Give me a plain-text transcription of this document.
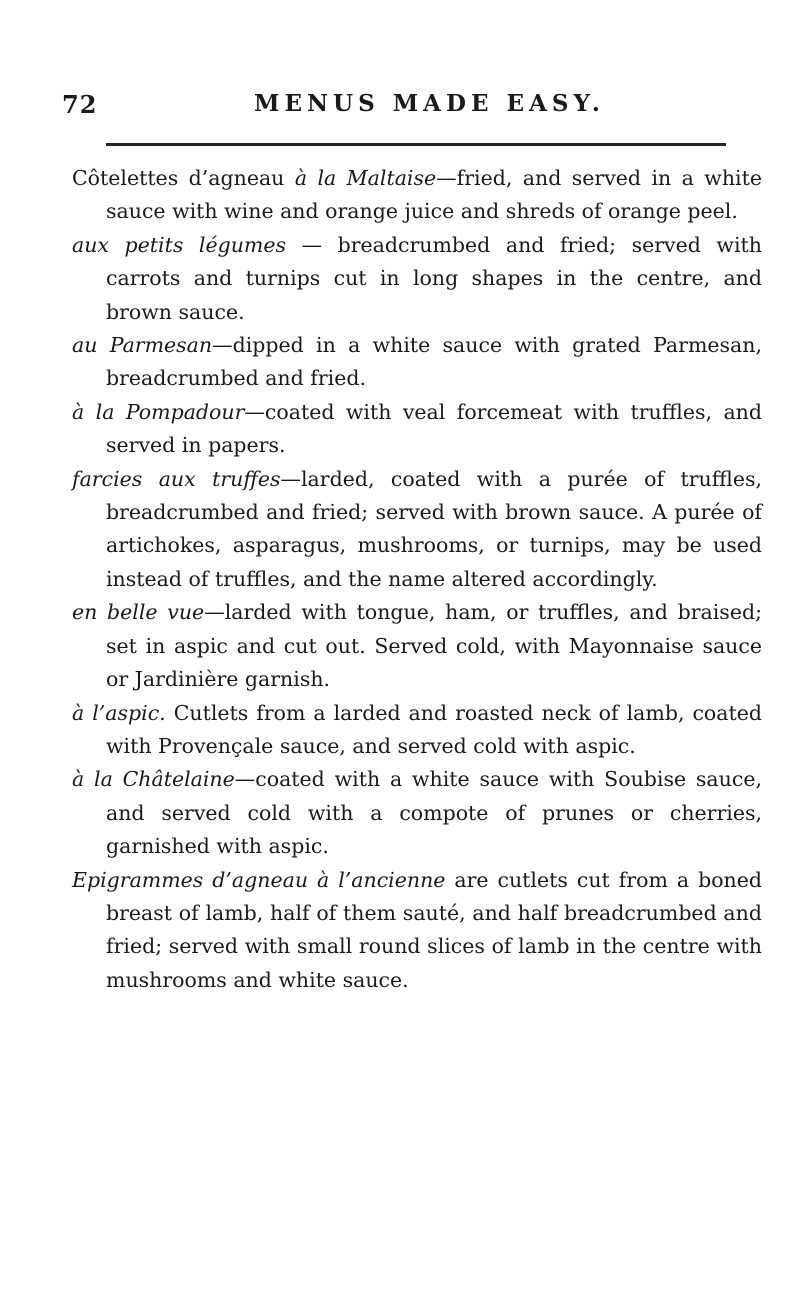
72	MENUS MADE EASY.

Côtelettes d’agneau à la Maltaise—fried, and served in a white sauce with wine and orange juice and shreds of orange peel.

aux petits légumes — breadcrumbed and fried; served with carrots and turnips cut in long shapes in the centre, and brown sauce.

au Parmesan—dipped in a white sauce with grated Parmesan, breadcrumbed and fried.

à la Pompadour—coated with veal forcemeat with truffles, and served in papers.

farcies aux truffes—larded, coated with a purée of truffles, breadcrumbed and fried; served with brown sauce. A purée of artichokes, asparagus, mushrooms, or turnips, may be used instead of truffles, and the name altered accordingly.

en belle vue—larded with tongue, ham, or truffles, and braised; set in aspic and cut out. Served cold, with Mayonnaise sauce or Jardinière garnish.

à l’aspic. Cutlets from a larded and roasted neck of lamb, coated with Provençale sauce, and served cold with aspic.

à la Châtelaine—coated with a white sauce with Soubise sauce, and served cold with a compote of prunes or cherries, garnished with aspic.

Epigrammes d’agneau à l’ancienne are cutlets cut from a boned breast of lamb, half of them sauté, and half breadcrumbed and fried; served with small round slices of lamb in the centre with mushrooms and white sauce.
